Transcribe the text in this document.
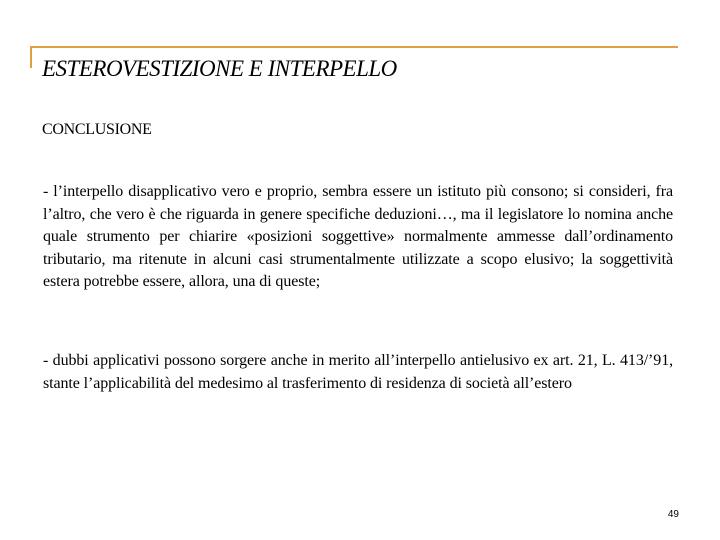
ESTEROVESTIZIONE E INTERPELLO
CONCLUSIONE
- l’interpello disapplicativo vero e proprio, sembra essere un istituto più consono; si consideri, fra l’altro, che vero è che riguarda in genere specifiche deduzioni…, ma il legislatore lo nomina anche quale strumento per chiarire «posizioni soggettive» normalmente ammesse dall’ordinamento tributario, ma ritenute in alcuni casi strumentalmente utilizzate a scopo elusivo; la soggettività estera potrebbe essere, allora, una di queste;
- dubbi applicativi possono sorgere anche in merito all’interpello antielusivo ex art. 21, L. 413/’91, stante l’applicabilità del medesimo al trasferimento di residenza di società all’estero
49
